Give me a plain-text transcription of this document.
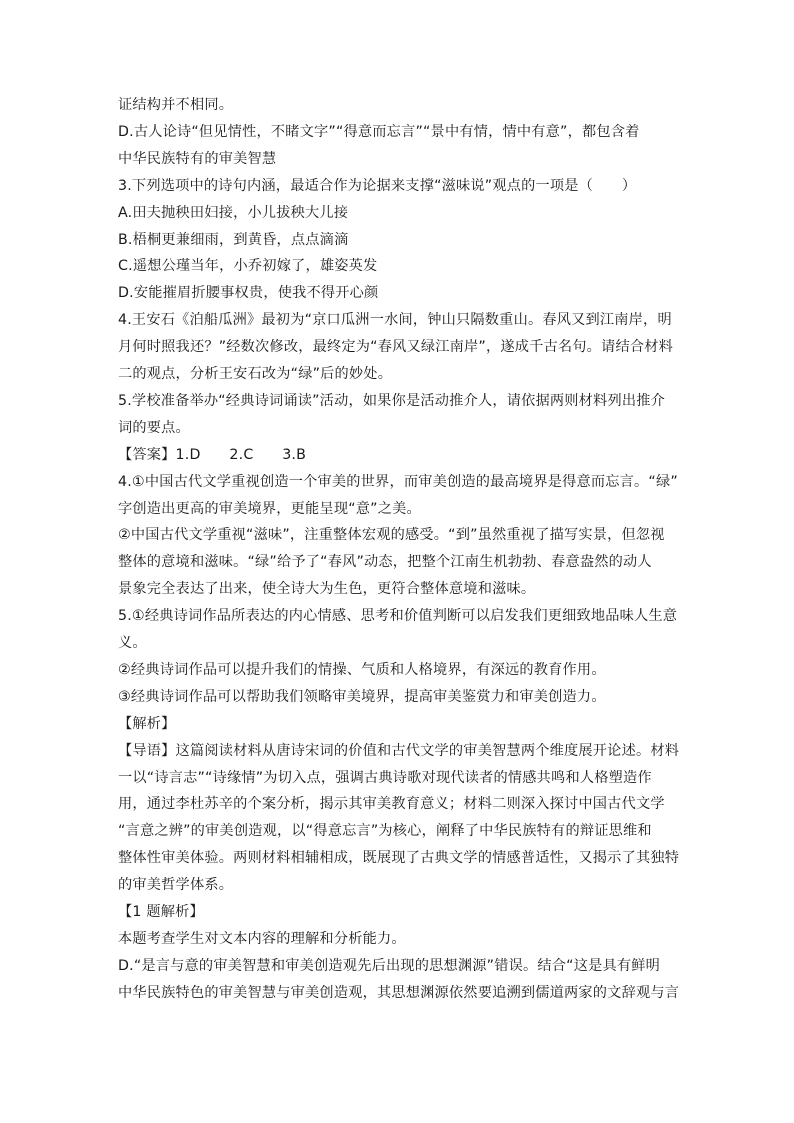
证结构并不相同。
D.古人论诗“但见情性，不睹文字”“得意而忘言”“景中有情，情中有意”，都包含着
中华民族特有的审美智慧
3.下列选项中的诗句内涵，最适合作为论据来支撑“滋味说”观点的一项是（　　）
A.田夫抛秧田妇接，小儿拔秧大儿接
B.梧桐更兼细雨，到黄昏，点点滴滴
C.遥想公瑾当年，小乔初嫁了，雄姿英发
D.安能摧眉折腰事权贵，使我不得开心颜
4.王安石《泊船瓜洲》最初为“京口瓜洲一水间，钟山只隔数重山。春风又到江南岸，明
月何时照我还？”经数次修改，最终定为“春风又绿江南岸”，遂成千古名句。请结合材料
二的观点，分析王安石改为“绿”后的妙处。
5.学校准备举办“经典诗词诵读”活动，如果你是活动推介人，请依据两则材料列出推介
词的要点。
【答案】1.D　　2.C　　3.B
4.①中国古代文学重视创造一个审美的世界，而审美创造的最高境界是得意而忘言。“绿”
字创造出更高的审美境界，更能呈现“意”之美。
②中国古代文学重视“滋味”，注重整体宏观的感受。“到”虽然重视了描写实景，但忽视
整体的意境和滋味。“绿”给予了“春风”动态，把整个江南生机勃勃、春意盎然的动人
景象完全表达了出来，使全诗大为生色，更符合整体意境和滋味。
5.①经典诗词作品所表达的内心情感、思考和价值判断可以启发我们更细致地品味人生意
义。
②经典诗词作品可以提升我们的情操、气质和人格境界，有深远的教育作用。
③经典诗词作品可以帮助我们领略审美境界，提高审美鉴赏力和审美创造力。
【解析】
【导语】这篇阅读材料从唐诗宋词的价值和古代文学的审美智慧两个维度展开论述。材料
一以“诗言志”“诗缘情”为切入点，强调古典诗歌对现代读者的情感共鸣和人格塑造作
用，通过李杜苏辛的个案分析，揭示其审美教育意义；材料二则深入探讨中国古代文学
“言意之辨”的审美创造观，以“得意忘言”为核心，阐释了中华民族特有的辩证思维和
整体性审美体验。两则材料相辅相成，既展现了古典文学的情感普适性，又揭示了其独特
的审美哲学体系。
【1 题解析】
本题考查学生对文本内容的理解和分析能力。
D.“是言与意的审美智慧和审美创造观先后出现的思想渊源”错误。结合“这是具有鲜明
中华民族特色的审美智慧与审美创造观，其思想渊源依然要追溯到儒道两家的文辞观与言
